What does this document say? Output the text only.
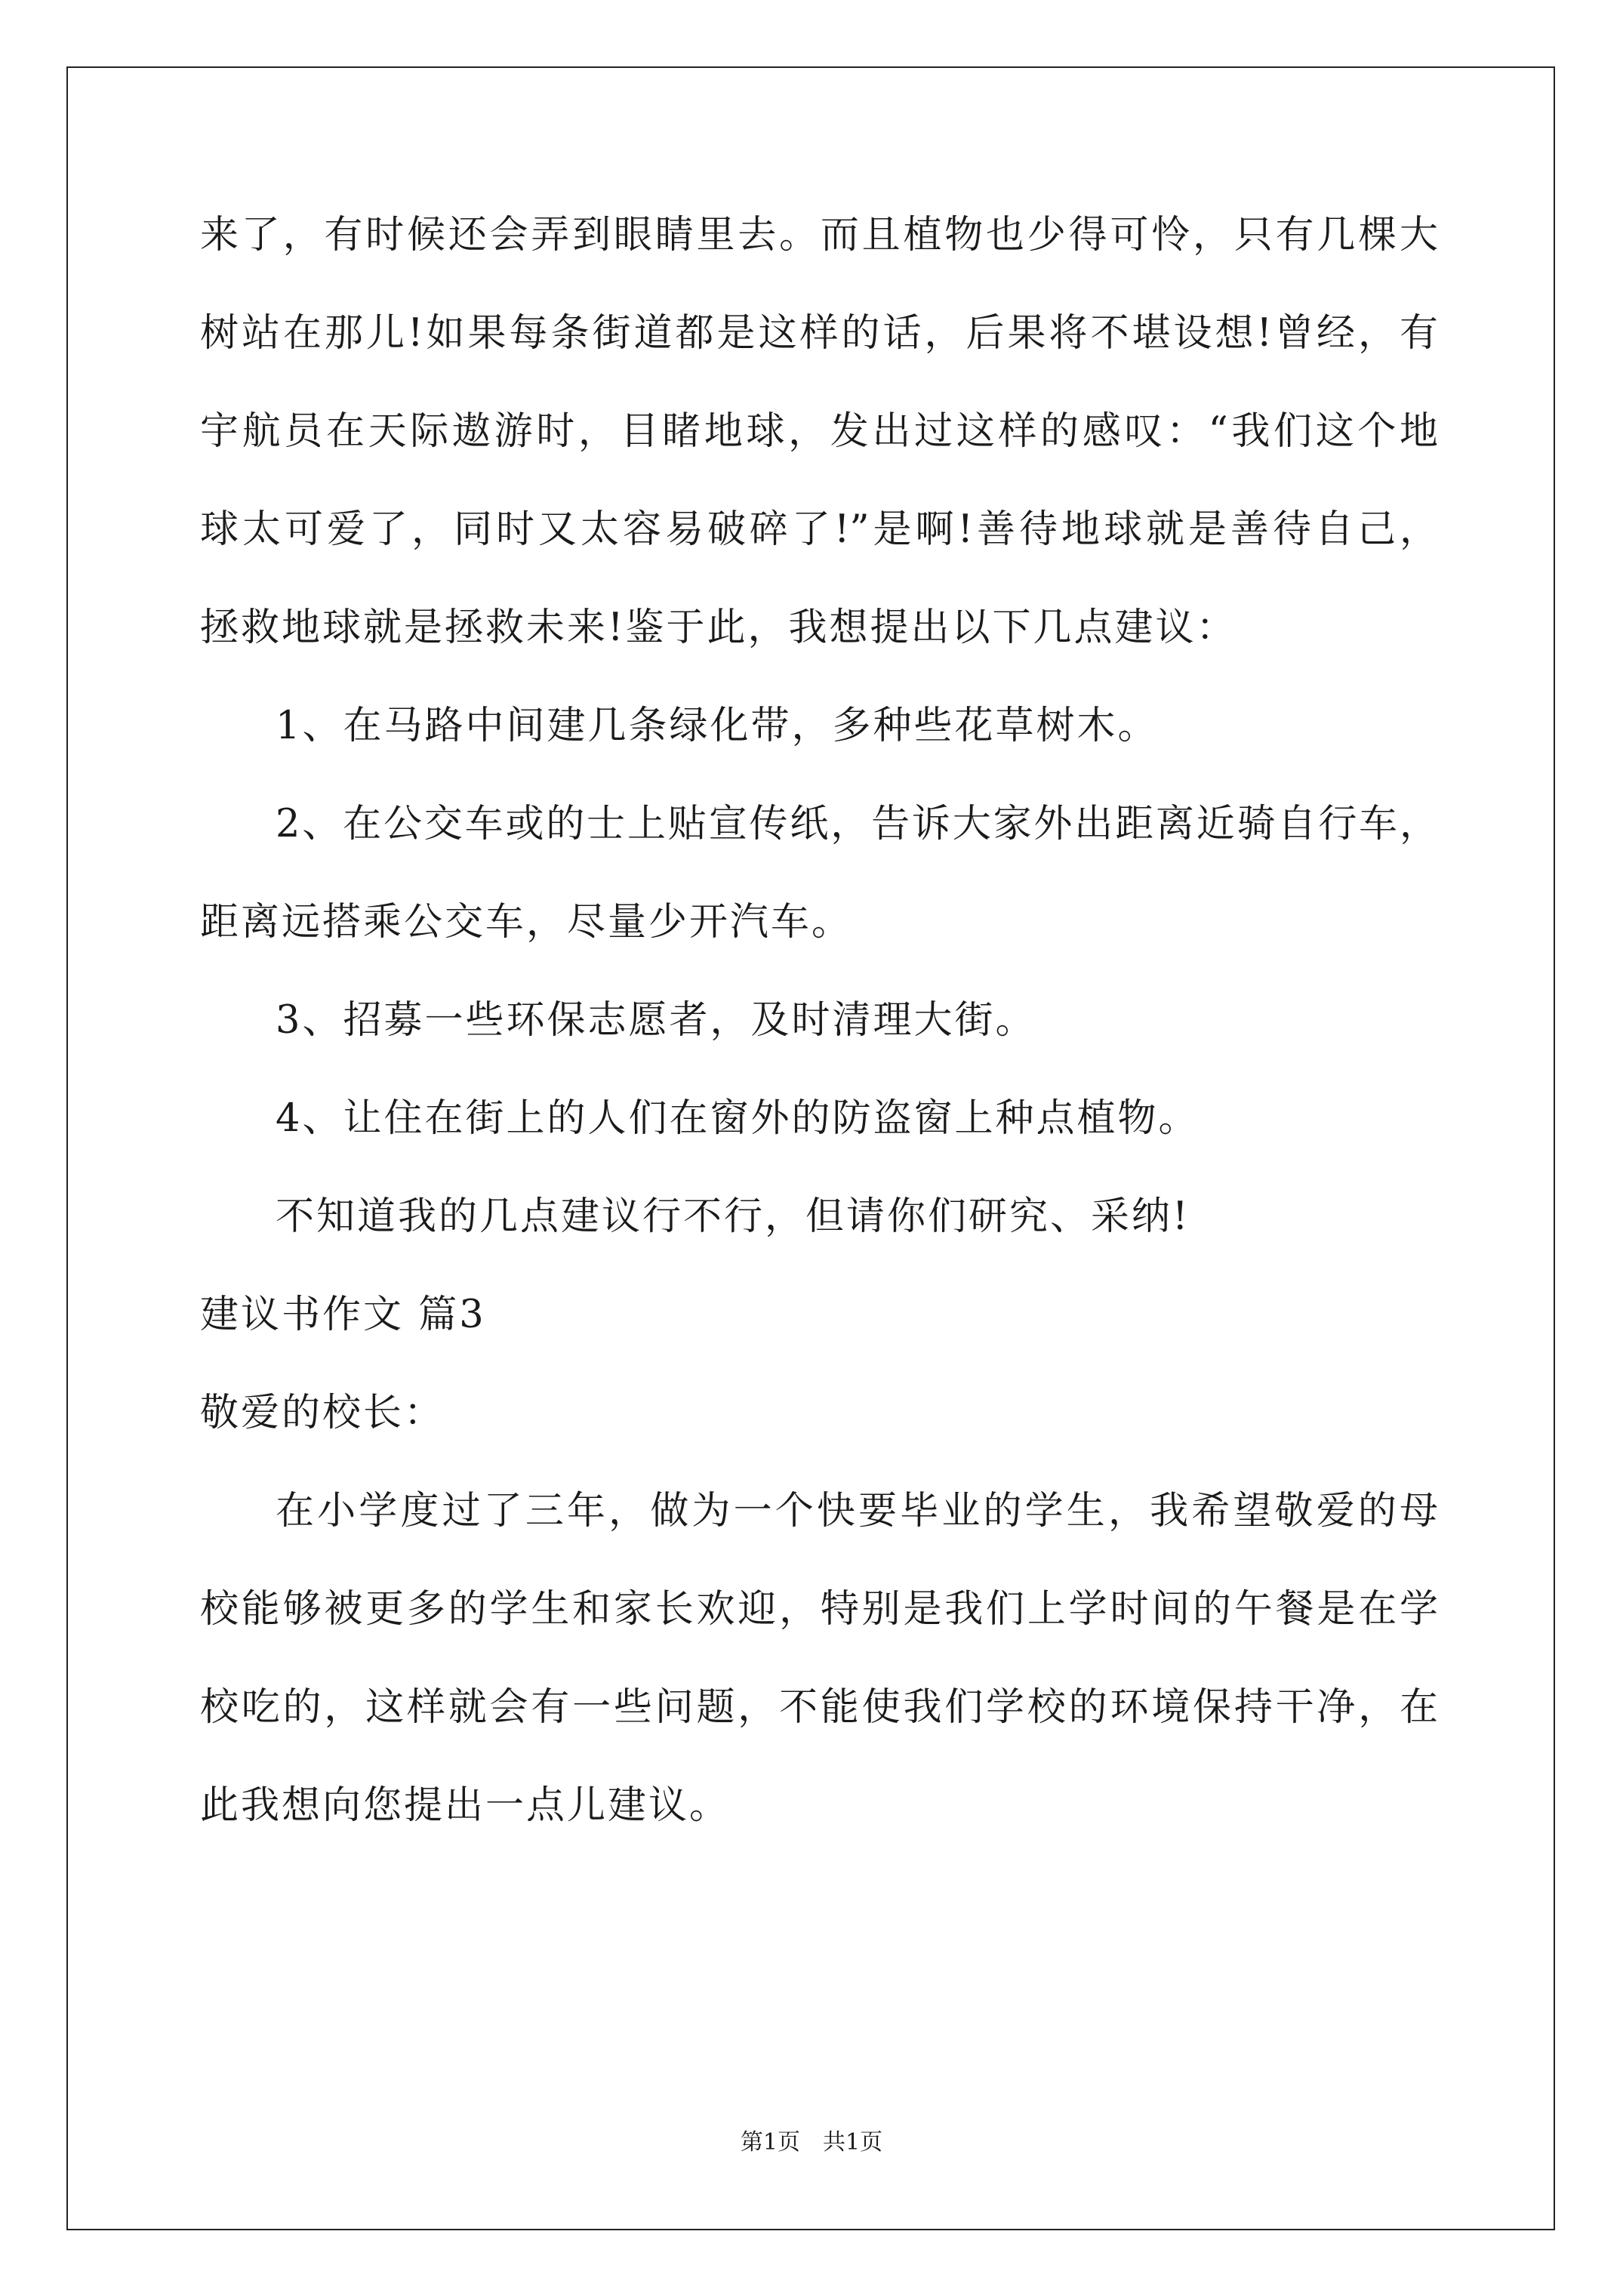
来了，有时候还会弄到眼睛里去。而且植物也少得可怜，只有几棵大
树站在那儿!如果每条街道都是这样的话，后果将不堪设想!曾经，有
宇航员在天际遨游时，目睹地球，发出过这样的感叹：“我们这个地
球太可爱了，同时又太容易破碎了!”是啊!善待地球就是善待自己，
拯救地球就是拯救未来!鉴于此，我想提出以下几点建议：
1、在马路中间建几条绿化带，多种些花草树木。
2、在公交车或的士上贴宣传纸，告诉大家外出距离近骑自行车，
距离远搭乘公交车，尽量少开汽车。
3、招募一些环保志愿者，及时清理大街。
4、让住在街上的人们在窗外的防盗窗上种点植物。
不知道我的几点建议行不行，但请你们研究、采纳!
建议书作文 篇3
敬爱的校长：
在小学度过了三年，做为一个快要毕业的学生，我希望敬爱的母
校能够被更多的学生和家长欢迎，特别是我们上学时间的午餐是在学
校吃的，这样就会有一些问题，不能使我们学校的环境保持干净，在
此我想向您提出一点儿建议。
第1页 共1页
